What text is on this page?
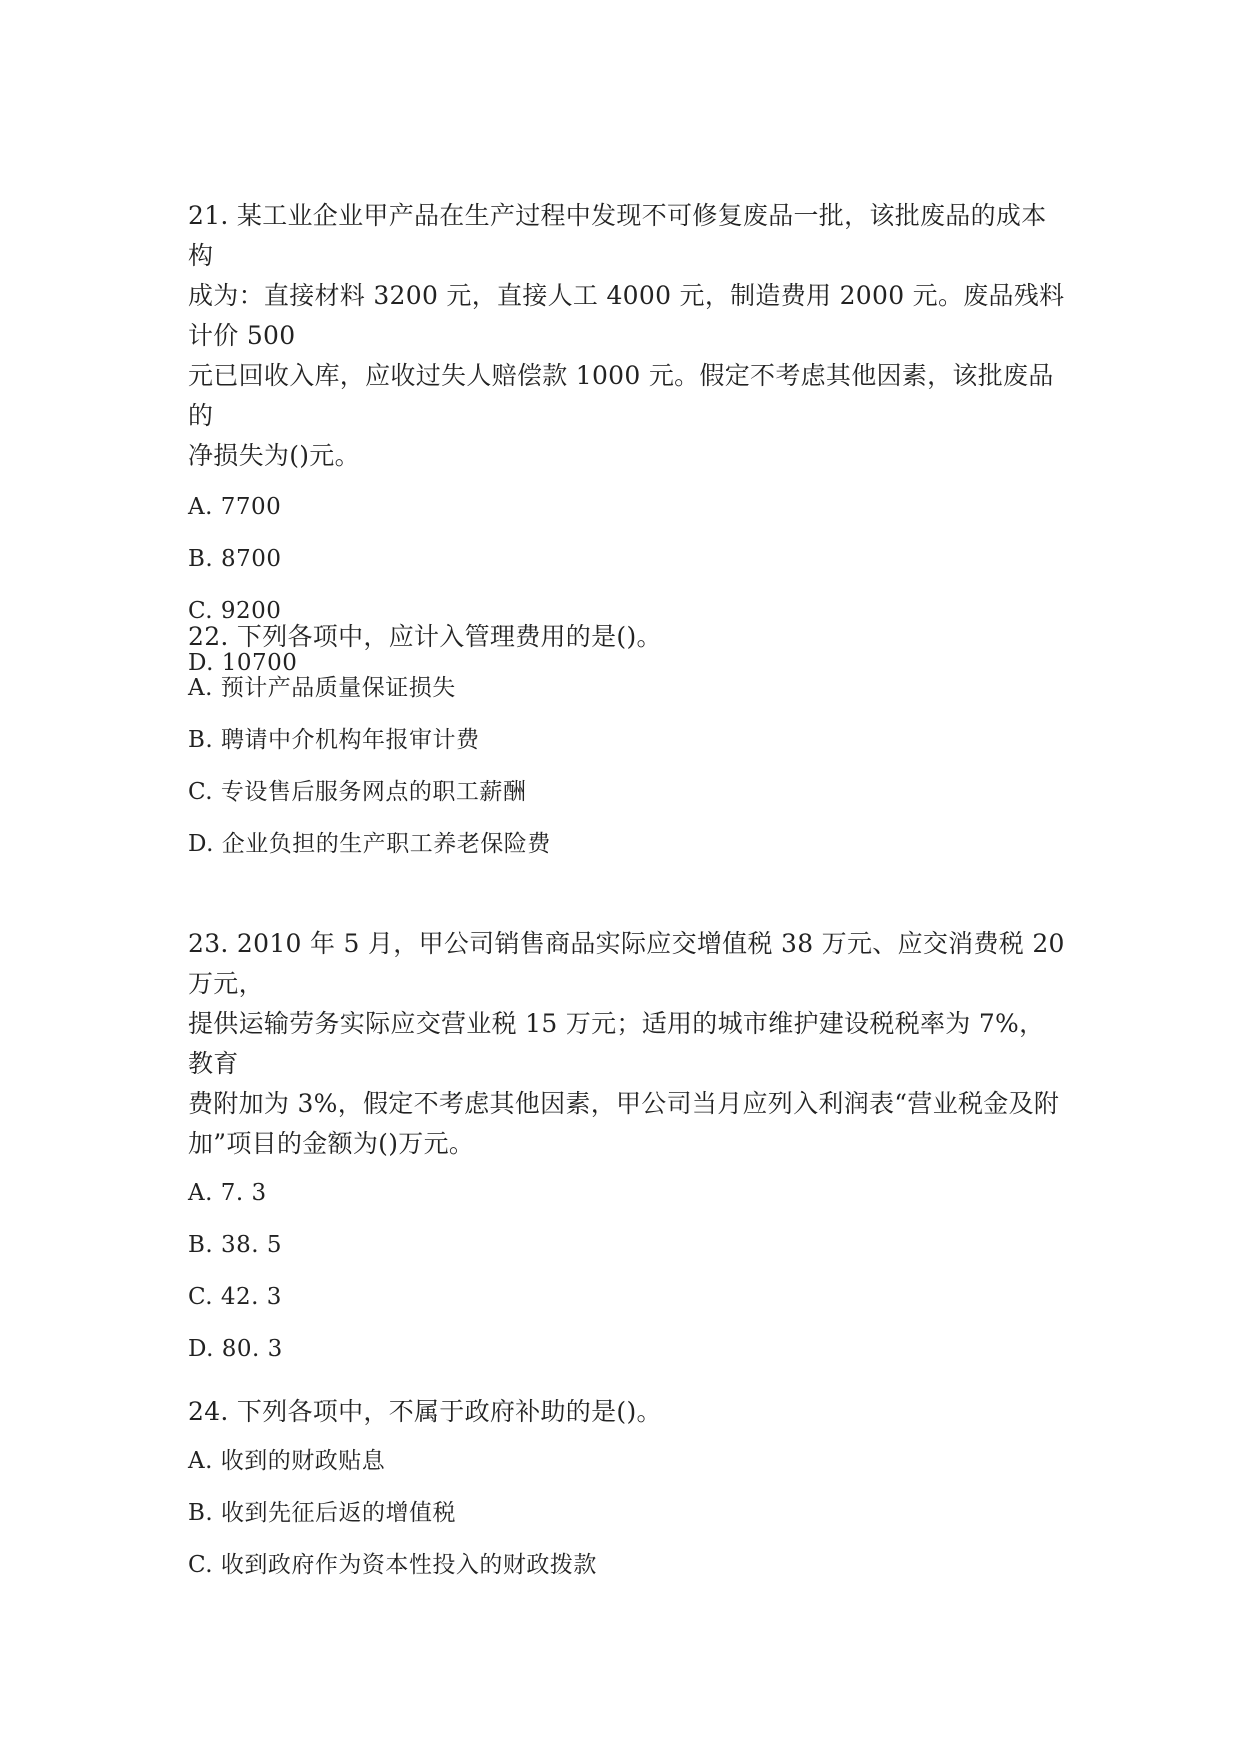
21. 某工业企业甲产品在生产过程中发现不可修复废品一批，该批废品的成本构

成为：直接材料 3200 元，直接人工 4000 元，制造费用 2000 元。废品残料计价 500

元已回收入库，应收过失人赔偿款 1000 元。假定不考虑其他因素，该批废品的

净损失为()元。

A. 7700

B. 8700

C. 9200

D. 10700

22. 下列各项中，应计入管理费用的是()。

A. 预计产品质量保证损失

B. 聘请中介机构年报审计费

C. 专设售后服务网点的职工薪酬

D. 企业负担的生产职工养老保险费

23. 2010 年 5 月，甲公司销售商品实际应交增值税 38 万元、应交消费税 20 万元，

提供运输劳务实际应交营业税 15 万元；适用的城市维护建设税税率为 7%，教育

费附加为 3%，假定不考虑其他因素，甲公司当月应列入利润表“营业税金及附

加”项目的金额为()万元。

A. 7. 3

B. 38. 5

C. 42. 3

D. 80. 3

24. 下列各项中，不属于政府补助的是()。

A. 收到的财政贴息

B. 收到先征后返的增值税

C. 收到政府作为资本性投入的财政拨款
